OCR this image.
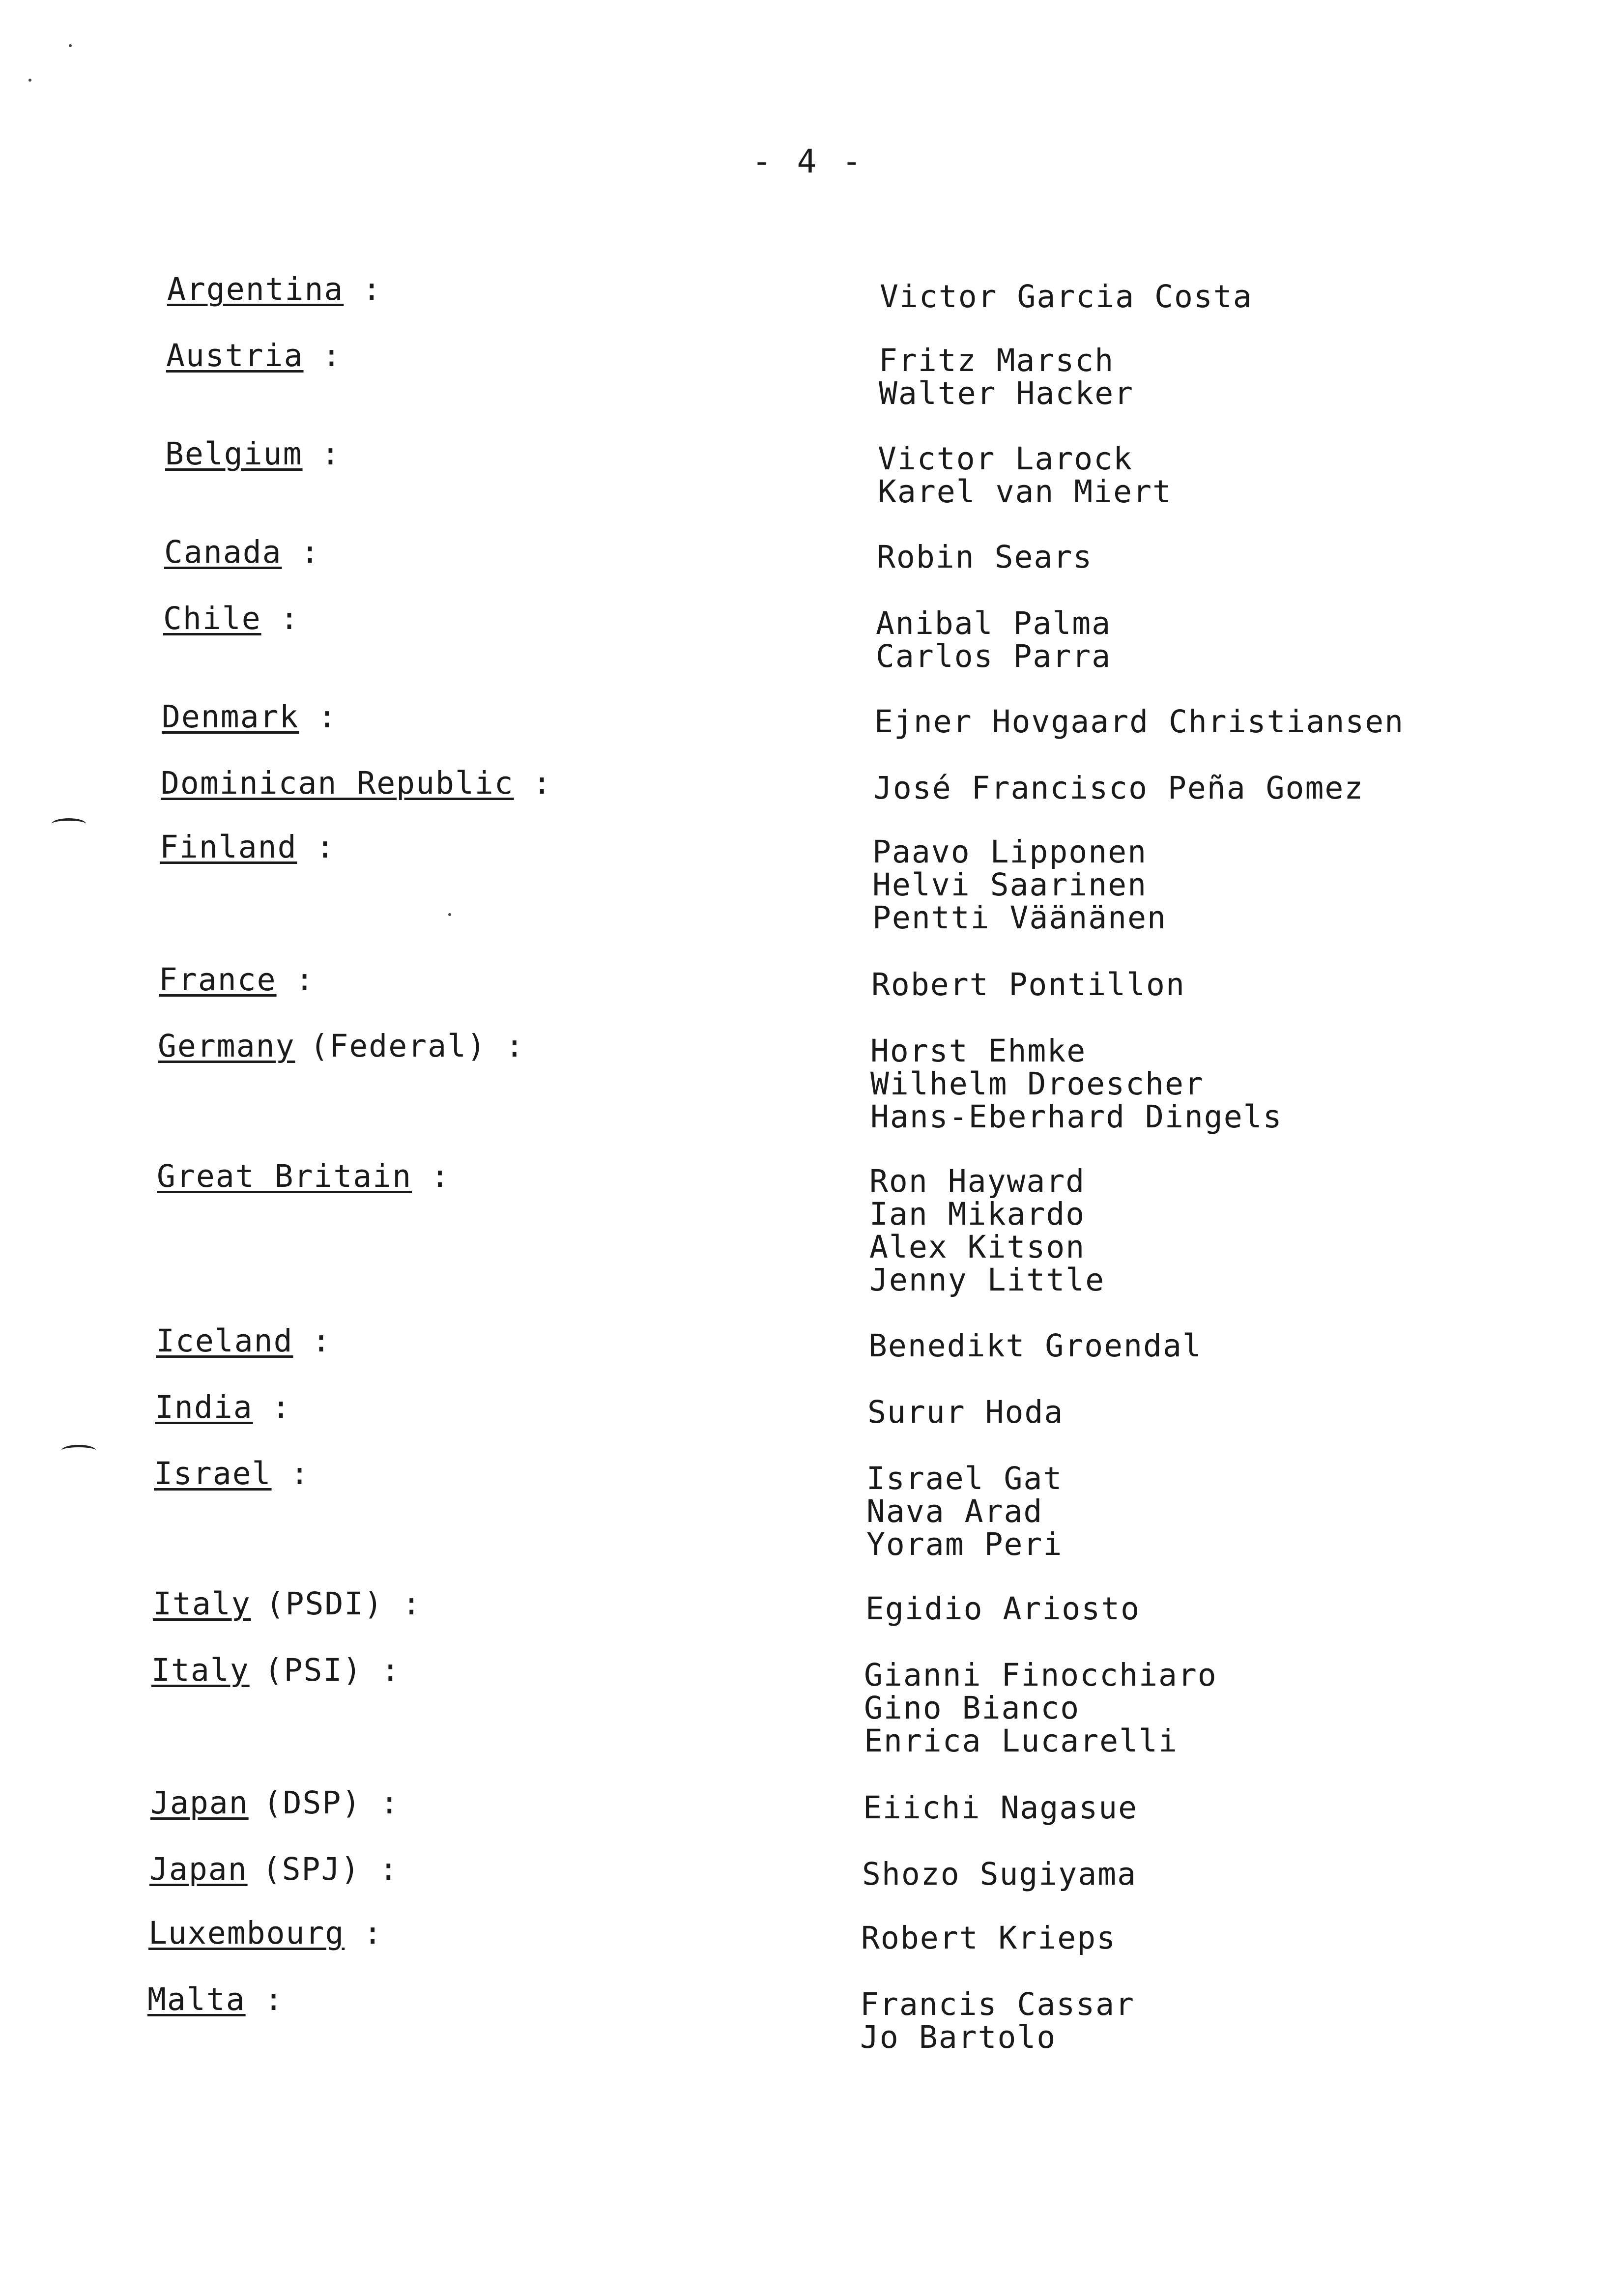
- 4 -
Argentina :	Victor Garcia Costa
Austria :	Fritz Marsch
Walter Hacker
Belgium :	Victor Larock
Karel van Miert
Canada :	Robin Sears
Chile :	Anibal Palma
Carlos Parra
Denmark :	Ejner Hovgaard Christiansen
Dominican Republic :	José Francisco Peña Gomez
Finland :	Paavo Lipponen
Helvi Saarinen
Pentti Väänänen
France :	Robert Pontillon
Germany (Federal) :	Horst Ehmke
Wilhelm Droescher
Hans-Eberhard Dingels
Great Britain :	Ron Hayward
Ian Mikardo
Alex Kitson
Jenny Little
Iceland :	Benedikt Groendal
India :	Surur Hoda
Israel :	Israel Gat
Nava Arad
Yoram Peri
Italy (PSDI) :	Egidio Ariosto
Italy (PSI) :	Gianni Finocchiaro
Gino Bianco
Enrica Lucarelli
Japan (DSP) :	Eiichi Nagasue
Japan (SPJ) :	Shozo Sugiyama
Luxembourg :	Robert Krieps
Malta :	Francis Cassar
Jo Bartolo
